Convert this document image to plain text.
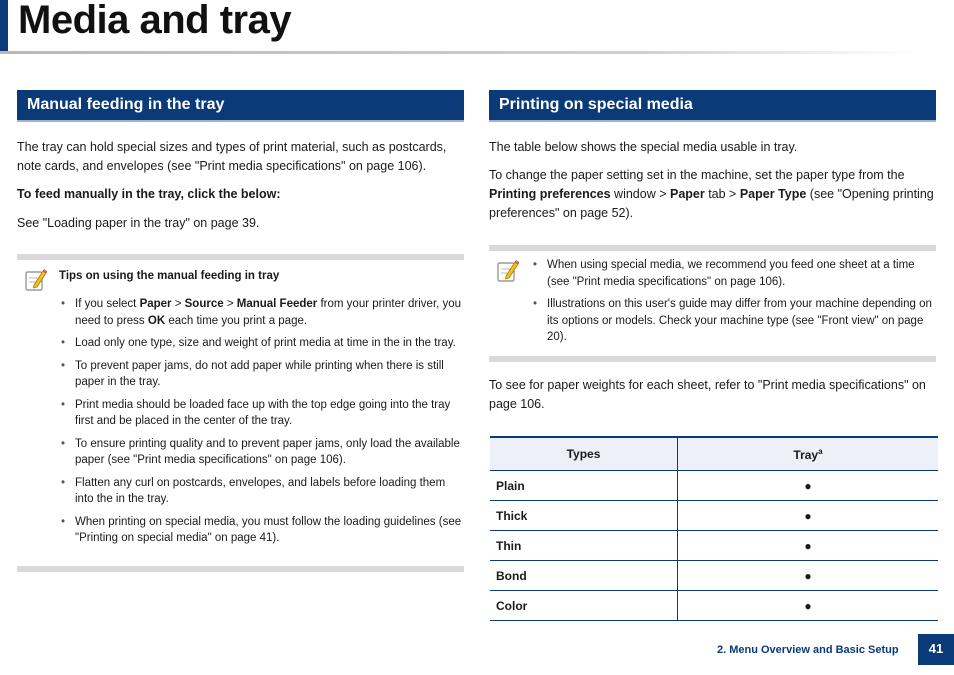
Media and tray
Manual feeding in the tray

The tray can hold special sizes and types of print material, such as postcards, note cards, and envelopes (see "Print media specifications" on page 106).

To feed manually in the tray, click the below:

See "Loading paper in the tray" on page 39.

Tips on using the manual feeding in tray
• If you select Paper > Source > Manual Feeder from your printer driver, you need to press OK each time you print a page.
• Load only one type, size and weight of print media at time in the in the tray.
• To prevent paper jams, do not add paper while printing when there is still paper in the tray.
• Print media should be loaded face up with the top edge going into the tray first and be placed in the center of the tray.
• To ensure printing quality and to prevent paper jams, only load the available paper (see "Print media specifications" on page 106).
• Flatten any curl on postcards, envelopes, and labels before loading them into the in the tray.
• When printing on special media, you must follow the loading guidelines (see "Printing on special media" on page 41).
Printing on special media

The table below shows the special media usable in tray.

To change the paper setting set in the machine, set the paper type from the Printing preferences window > Paper tab > Paper Type (see "Opening printing preferences" on page 52).

• When using special media, we recommend you feed one sheet at a time (see "Print media specifications" on page 106).
• Illustrations on this user's guide may differ from your machine depending on its options or models. Check your machine type (see "Front view" on page 20).

To see for paper weights for each sheet, refer to "Print media specifications" on page 106.

Types	Tray$^a$
Plain	●
Thick	●
Thin	●
Bond	●
Color	●
2. Menu Overview and Basic Setup	41
